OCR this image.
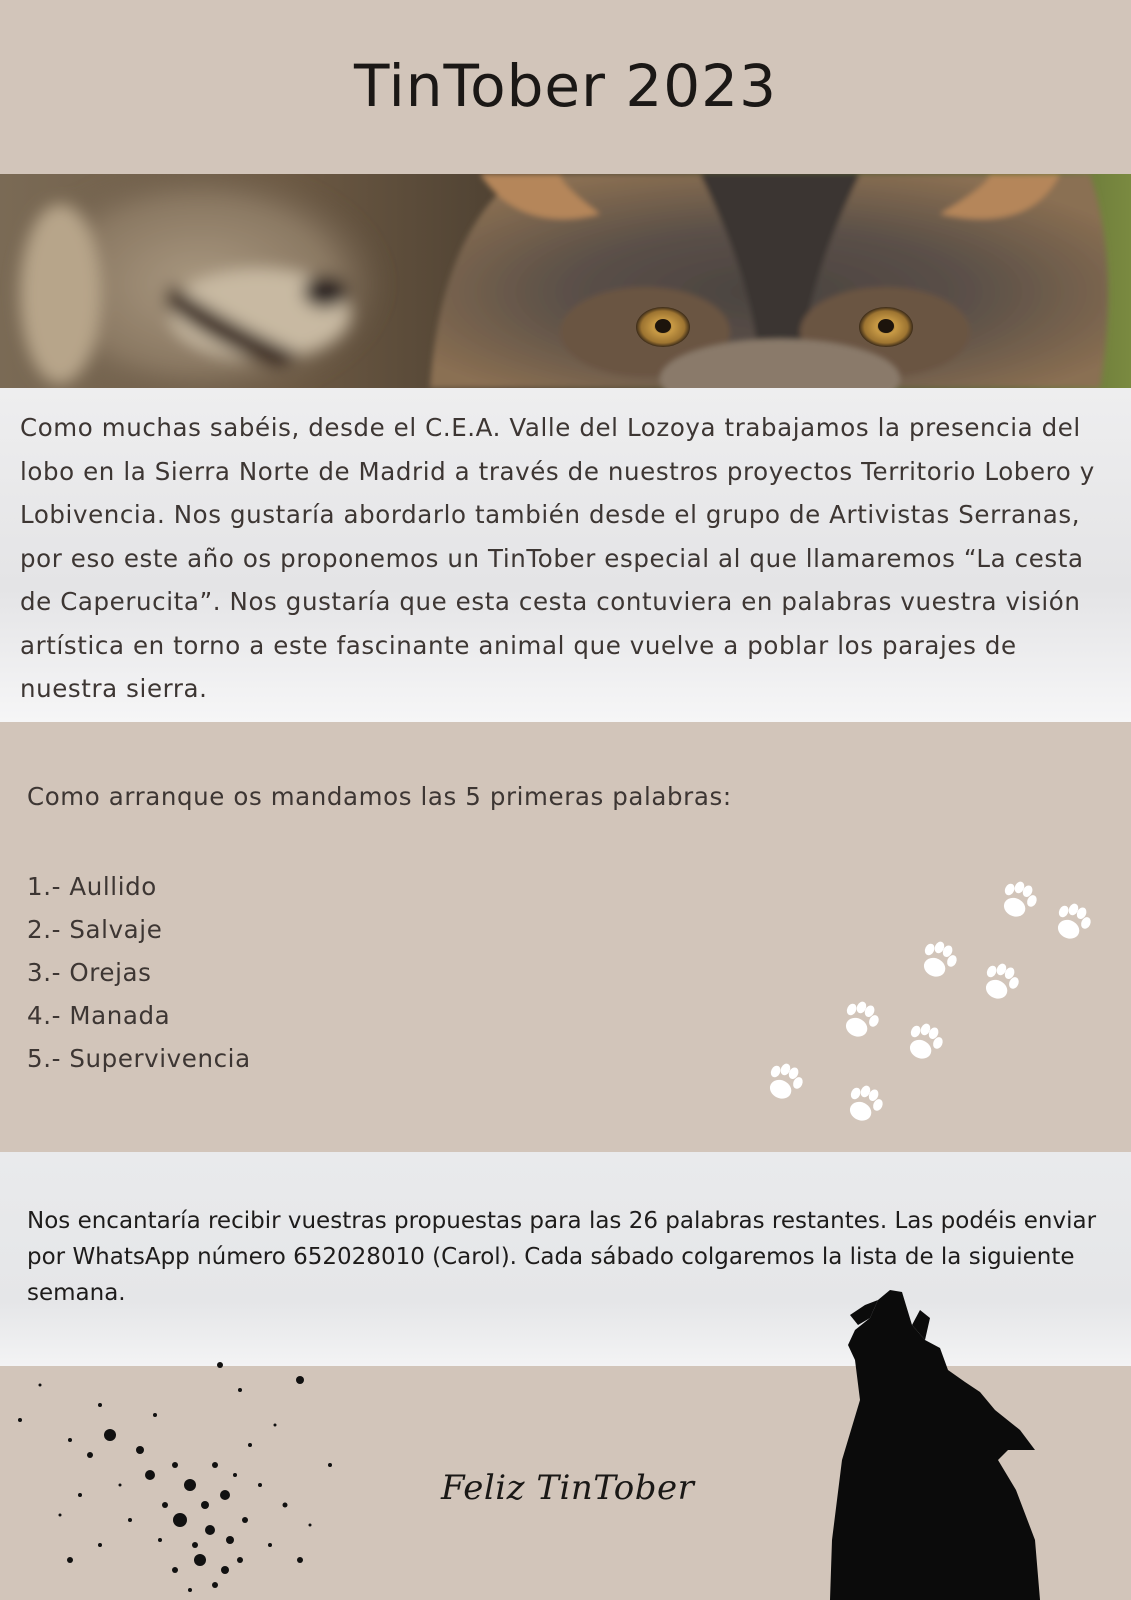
TinTober 2023

Como muchas sabéis, desde el C.E.A. Valle del Lozoya trabajamos la presencia del lobo en la Sierra Norte de Madrid a través de nuestros proyectos Territorio Lobero y Lobivencia. Nos gustaría abordarlo también desde el grupo de Artivistas Serranas, por eso este año os proponemos un TinTober especial al que llamaremos “La cesta de Caperucita”. Nos gustaría que esta cesta contuviera en palabras vuestra visión artística en torno a este fascinante animal que vuelve a poblar los parajes de nuestra sierra.

Como arranque os mandamos las 5 primeras palabras:

1.- Aullido
2.- Salvaje
3.- Orejas
4.- Manada
5.- Supervivencia

Nos encantaría recibir vuestras propuestas para las 26 palabras restantes. Las podéis enviar por WhatsApp número 652028010 (Carol). Cada sábado colgaremos la lista de la siguiente semana.

Feliz TinTober
